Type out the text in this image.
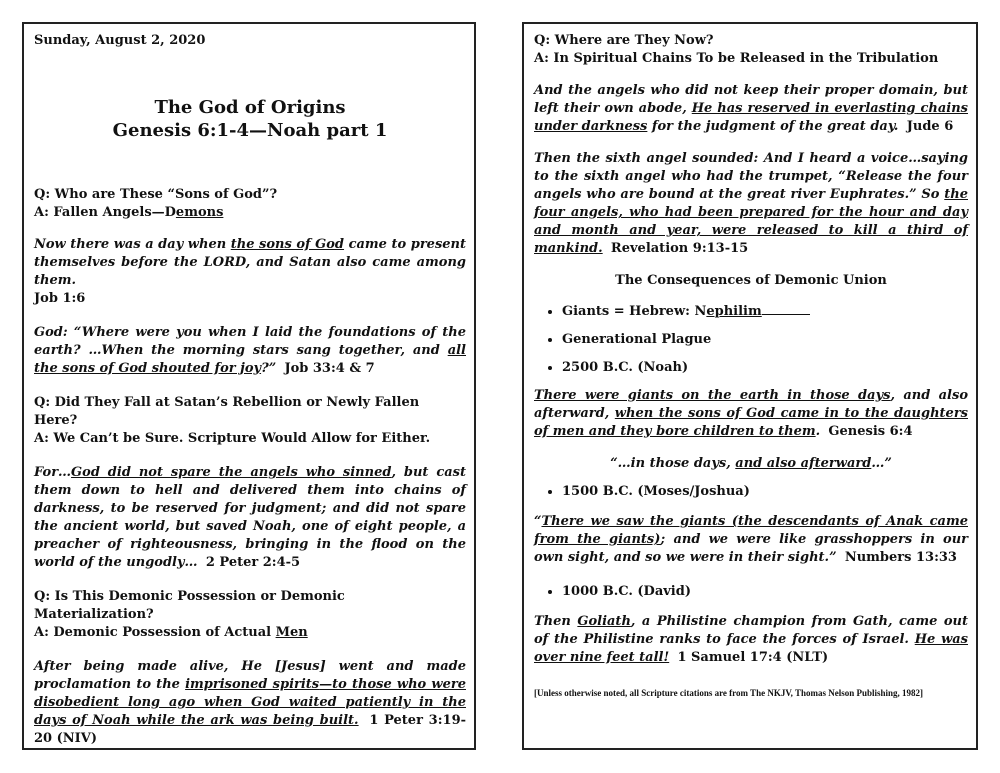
Sunday, August 2, 2020

The God of Origins

Genesis 6:1-4—Noah part 1

Q: Who are These “Sons of God”?

A: Fallen Angels—Demons

Now there was a day when the sons of God came to present themselves before the LORD, and Satan also came among them.
Job 1:6

God: “Where were you when I laid the foundations of the earth? …When the morning stars sang together, and all the sons of God shouted for joy?” Job 33:4 & 7

Q: Did They Fall at Satan’s Rebellion or Newly Fallen Here?

A: We Can’t be Sure. Scripture Would Allow for Either.

For…God did not spare the angels who sinned, but cast them down to hell and delivered them into chains of darkness, to be reserved for judgment; and did not spare the ancient world, but saved Noah, one of eight people, a preacher of righteousness, bringing in the flood on the world of the ungodly… 2 Peter 2:4-5

Q: Is This Demonic Possession or Demonic Materialization?

A: Demonic Possession of Actual Men

After being made alive, He [Jesus] went and made proclamation to the imprisoned spirits—to those who were disobedient long ago when God waited patiently in the days of Noah while the ark was being built. 1 Peter 3:19-20 (NIV)

Q: Where are They Now?

A: In Spiritual Chains To be Released in the Tribulation

And the angels who did not keep their proper domain, but left their own abode, He has reserved in everlasting chains under darkness for the judgment of the great day. Jude 6

Then the sixth angel sounded: And I heard a voice…saying to the sixth angel who had the trumpet, “Release the four angels who are bound at the great river Euphrates.” So the four angels, who had been prepared for the hour and day and month and year, were released to kill a third of mankind. Revelation 9:13-15

The Consequences of Demonic Union

• Giants = Hebrew: Nephilim
• Generational Plague
• 2500 B.C. (Noah)

There were giants on the earth in those days, and also afterward, when the sons of God came in to the daughters of men and they bore children to them. Genesis 6:4

“…in those days, and also afterward…”

• 1500 B.C. (Moses/Joshua)

“There we saw the giants (the descendants of Anak came from the giants); and we were like grasshoppers in our own sight, and so we were in their sight.” Numbers 13:33

• 1000 B.C. (David)

Then Goliath, a Philistine champion from Gath, came out of the Philistine ranks to face the forces of Israel. He was over nine feet tall! 1 Samuel 17:4 (NLT)

[Unless otherwise noted, all Scripture citations are from The NKJV, Thomas Nelson Publishing, 1982]
